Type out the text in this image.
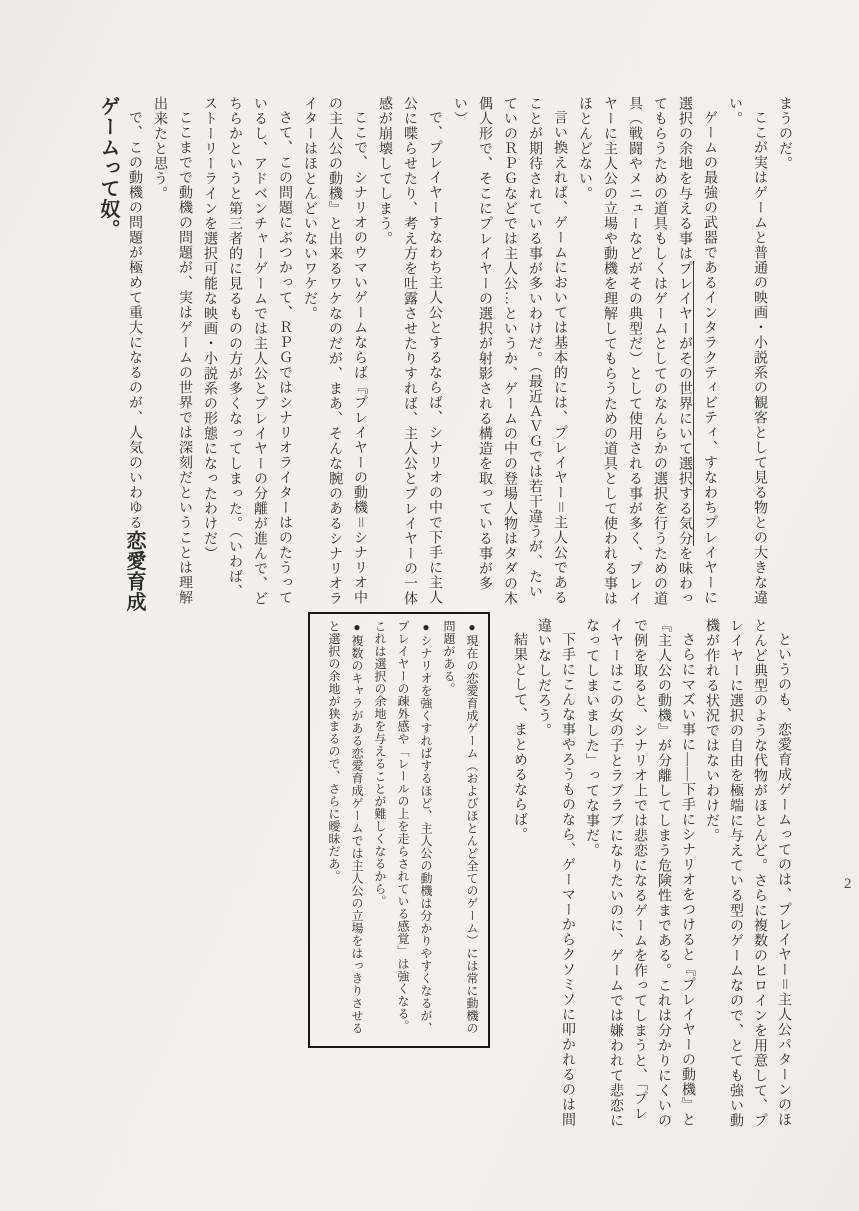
まうのだ。

ここが実はゲームと普通の映画・小説系の観客として見る物との大きな違い。

ゲームの最強の武器であるインタラクティビティ、すなわちプレイヤーに選択の余地を与える事はプレイヤーがその世界にいて選択する気分を味わってもらうための道具もしくはゲームとしてのなんらかの選択を行うための道具（戦闘やメニューなどがその典型だ）として使用される事が多く、プレイヤーに主人公の立場や動機を理解してもらうための道具として使われる事はほとんどない。

言い換えれば、ゲームにおいては基本的には、プレイヤー＝主人公であることが期待されている事が多いわけだ。（最近ＡＶＧでは若干違うが、たいていのＲＰＧなどでは主人公…というか、ゲームの中の登場人物はタダの木偶人形で、そこにプレイヤーの選択が射影される構造を取っている事が多い）

で、プレイヤーすなわち主人公とするならば、シナリオの中で下手に主人公に喋らせたり、考え方を吐露させたりすれば、主人公とプレイヤーの一体感が崩壊してしまう。

ここで、シナリオのウマいゲームならば『プレイヤーの動機＝シナリオ中の主人公の動機』と出来るワケなのだが、まあ、そんな腕のあるシナリオライターはほとんどいないワケだ。

さて、この問題にぶつかって、ＲＰＧではシナリオライターはのたうっているし、アドベンチャーゲームでは主人公とプレイヤーの分離が進んで、どちらかというと第三者的に見るものの方が多くなってしまった。（いわば、ストーリーラインを選択可能な映画・小説系の形態になったわけだ）

ここまでで動機の問題が、実はゲームの世界では深刻だということは理解出来たと思う。

で、この動機の問題が極めて重大になるのが、人気のいわゆる恋愛育成ゲームって奴。

というのも、恋愛育成ゲームってのは、プレイヤー＝主人公パターンのほとんど典型のような代物がほとんど。さらに複数のヒロインを用意して、プレイヤーに選択の自由を極端に与えている型のゲームなので、とても強い動機が作れる状況ではないわけだ。

さらにマズい事に――下手にシナリオをつけると『プレイヤーの動機』と『主人公の動機』が分離してしまう危険性まである。これは分かりにくいので例を取ると、シナリオ上では悲恋になるゲームを作ってしまうと、「プレイヤーはこの女の子とラブラブになりたいのに、ゲームでは嫌われて悲恋になってしまいました」ってな事だ。

下手にこんな事やろうものなら、ゲーマーからクソミソに叩かれるのは間違いなしだろう。

結果として、まとめるならば。

●現在の恋愛育成ゲーム（およびほとんど全てのゲーム）には常に動機の問題がある。

●シナリオを強くすればするほど、主人公の動機は分かりやすくなるが、プレイヤーの疎外感や「レールの上を走らされている感覚」は強くなる。これは選択の余地を与えることが難しくなるから。

●複数のキャラがある恋愛育成ゲームでは主人公の立場をはっきりさせると選択の余地が狭まるので、さらに曖昧だあ。

2
